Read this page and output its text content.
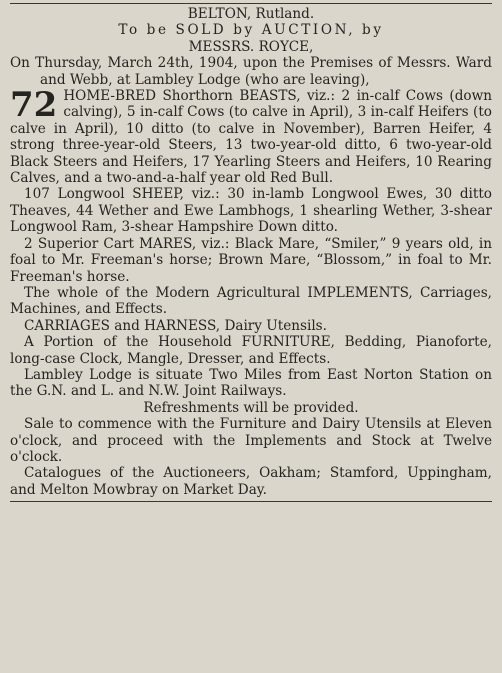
BELTON, Rutland.

To be SOLD by AUCTION, by

MESSRS. ROYCE,

On Thursday, March 24th, 1904, upon the Premises of Messrs. Ward and Webb, at Lambley Lodge (who are leaving),

72 HOME-BRED Shorthorn BEASTS, viz.: 2 in-calf Cows (down calving), 5 in-calf Cows (to calve in April), 3 in-calf Heifers (to calve in April), 10 ditto (to calve in November), Barren Heifer, 4 strong three-year-old Steers, 13 two-year-old ditto, 6 two-year-old Black Steers and Heifers, 17 Yearling Steers and Heifers, 10 Rearing Calves, and a two-and-a-half year old Red Bull.

107 Longwool SHEEP, viz.: 30 in-lamb Longwool Ewes, 30 ditto Theaves, 44 Wether and Ewe Lambhogs, 1 shearling Wether, 3-shear Longwool Ram, 3-shear Hampshire Down ditto.

2 Superior Cart MARES, viz.: Black Mare, “Smiler,” 9 years old, in foal to Mr. Freeman's horse; Brown Mare, “Blossom,” in foal to Mr. Freeman's horse.

The whole of the Modern Agricultural IMPLEMENTS, Carriages, Machines, and Effects.

CARRIAGES and HARNESS, Dairy Utensils.

A Portion of the Household FURNITURE, Bedding, Pianoforte, long-case Clock, Mangle, Dresser, and Effects.

Lambley Lodge is situate Two Miles from East Norton Station on the G.N. and L. and N.W. Joint Railways.

Refreshments will be provided.

Sale to commence with the Furniture and Dairy Utensils at Eleven o'clock, and proceed with the Implements and Stock at Twelve o'clock.

Catalogues of the Auctioneers, Oakham; Stamford, Uppingham, and Melton Mowbray on Market Day.
